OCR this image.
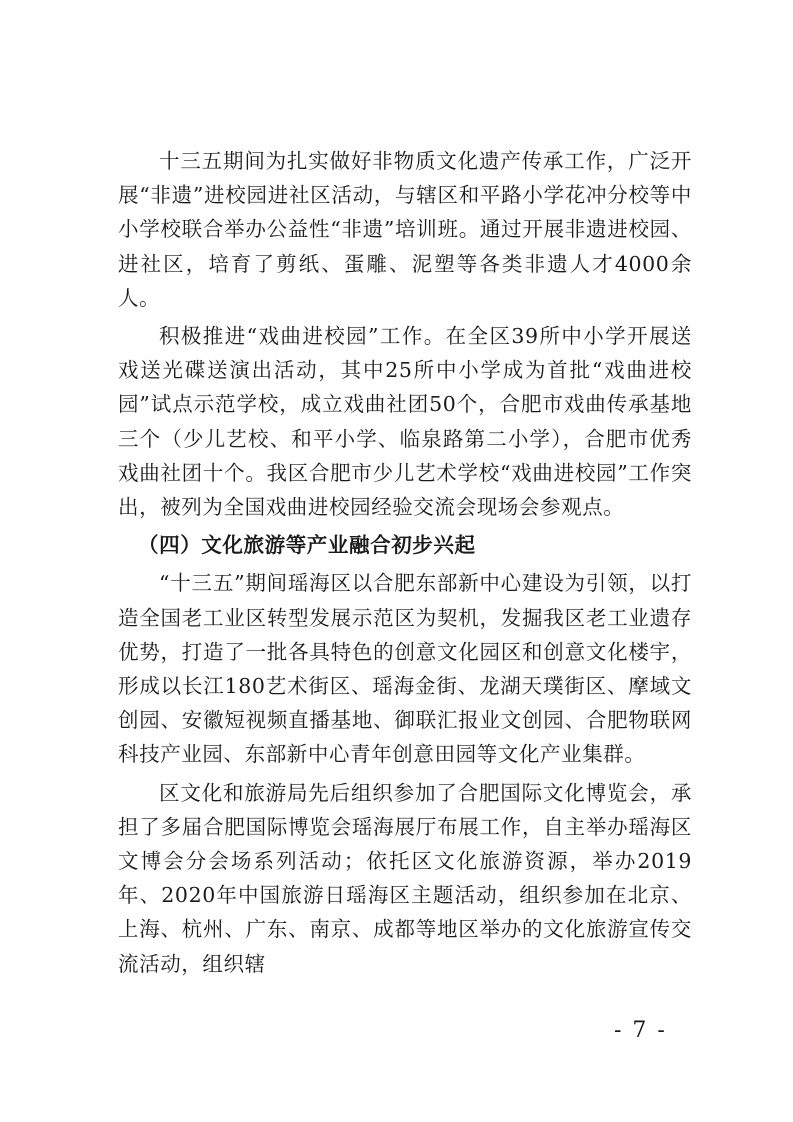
十三五期间为扎实做好非物质文化遗产传承工作，广泛开展“非遗”进校园进社区活动，与辖区和平路小学花冲分校等中小学校联合举办公益性“非遗”培训班。通过开展非遗进校园、进社区，培育了剪纸、蛋雕、泥塑等各类非遗人才4000余人。

积极推进“戏曲进校园”工作。在全区39所中小学开展送戏送光碟送演出活动，其中25所中小学成为首批“戏曲进校园”试点示范学校，成立戏曲社团50个，合肥市戏曲传承基地三个（少儿艺校、和平小学、临泉路第二小学），合肥市优秀戏曲社团十个。我区合肥市少儿艺术学校“戏曲进校园”工作突出，被列为全国戏曲进校园经验交流会现场会参观点。

（四）文化旅游等产业融合初步兴起

“十三五”期间瑶海区以合肥东部新中心建设为引领，以打造全国老工业区转型发展示范区为契机，发掘我区老工业遗存优势，打造了一批各具特色的创意文化园区和创意文化楼宇，形成以长江180艺术街区、瑶海金街、龙湖天璞街区、摩域文创园、安徽短视频直播基地、御联汇报业文创园、合肥物联网科技产业园、东部新中心青年创意田园等文化产业集群。

区文化和旅游局先后组织参加了合肥国际文化博览会，承担了多届合肥国际博览会瑶海展厅布展工作，自主举办瑶海区文博会分会场系列活动；依托区文化旅游资源，举办2019年、2020年中国旅游日瑶海区主题活动，组织参加在北京、上海、杭州、广东、南京、成都等地区举办的文化旅游宣传交流活动，组织辖

- 7 -
